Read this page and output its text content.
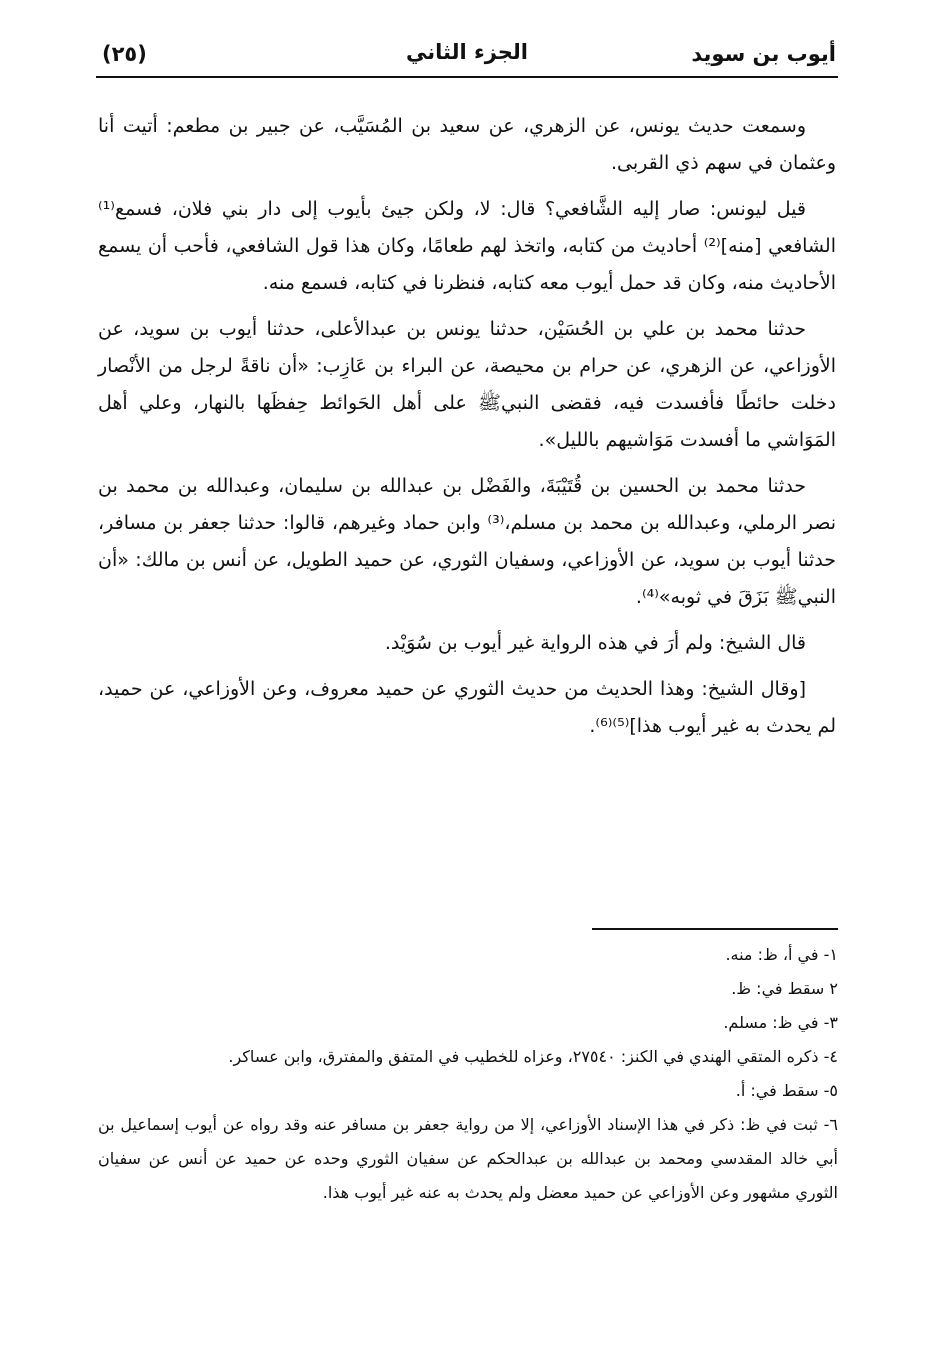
(٢٥)	الجزء الثاني	أيوب بن سويد

وسمعت حديث يونس، عن الزهري، عن سعيد بن المُسَيَّب، عن جبير بن مطعم: أتيت أنا وعثمان في سهم ذي القربى.

قيل ليونس: صار إليه الشَّافعي؟ قال: لا، ولكن جيئ بأيوب إلى دار بني فلان، فسمع⁽¹⁾ الشافعي [منه]⁽²⁾ أحاديث من كتابه، واتخذ لهم طعامًا، وكان هذا قول الشافعي، فأحب أن يسمع الأحاديث منه، وكان قد حمل أيوب معه كتابه، فنظرنا في كتابه، فسمع منه.

حدثنا محمد بن علي بن الحُسَيْن، حدثنا يونس بن عبدالأعلى، حدثنا أيوب بن سويد، عن الأوزاعي، عن الزهري، عن حرام بن محيصة، عن البراء بن عَازِب: «أن ناقةً لرجل من الأنْصار دخلت حائطًا فأفسدت فيه، فقضى النبيﷺ على أهل الحَوائط حِفظَها بالنهار، وعلي أهل المَوَاشي ما أفسدت مَوَاشيهم بالليل».

حدثنا محمد بن الحسين بن قُتَيْبَةَ، والفَضْل بن عبدالله بن سليمان، وعبدالله بن محمد بن نصر الرملي، وعبدالله بن محمد بن مسلم،⁽³⁾ وابن حماد وغيرهم، قالوا: حدثنا جعفر بن مسافر، حدثنا أيوب بن سويد، عن الأوزاعي، وسفيان الثوري، عن حميد الطويل، عن أنس بن مالك: «أن النبيﷺ بَزَقَ في ثوبه»⁽⁴⁾.

قال الشيخ: ولم أرَ في هذه الرواية غير أيوب بن سُوَيْد.

[وقال الشيخ: وهذا الحديث من حديث الثوري عن حميد معروف، وعن الأوزاعي، عن حميد، لم يحدث به غير أيوب هذا]⁽⁵⁾⁽⁶⁾.

١- في أ، ظ: منه.

٢ سقط في: ظ.

٣- في ظ: مسلم.

٤- ذكره المتقي الهندي في الكنز: ٢٧٥٤٠، وعزاه للخطيب في المتفق والمفترق، وابن عساكر.

٥- سقط في: أ.

٦- ثبت في ظ: ذكر في هذا الإسناد الأوزاعي، إلا من رواية جعفر بن مسافر عنه وقد رواه عن أيوب إسماعيل بن أبي خالد المقدسي ومحمد بن عبدالله بن عبدالحكم عن سفيان الثوري وحده عن حميد عن أنس عن سفيان الثوري مشهور وعن الأوزاعي عن حميد معضل ولم يحدث به عنه غير أيوب هذا.
